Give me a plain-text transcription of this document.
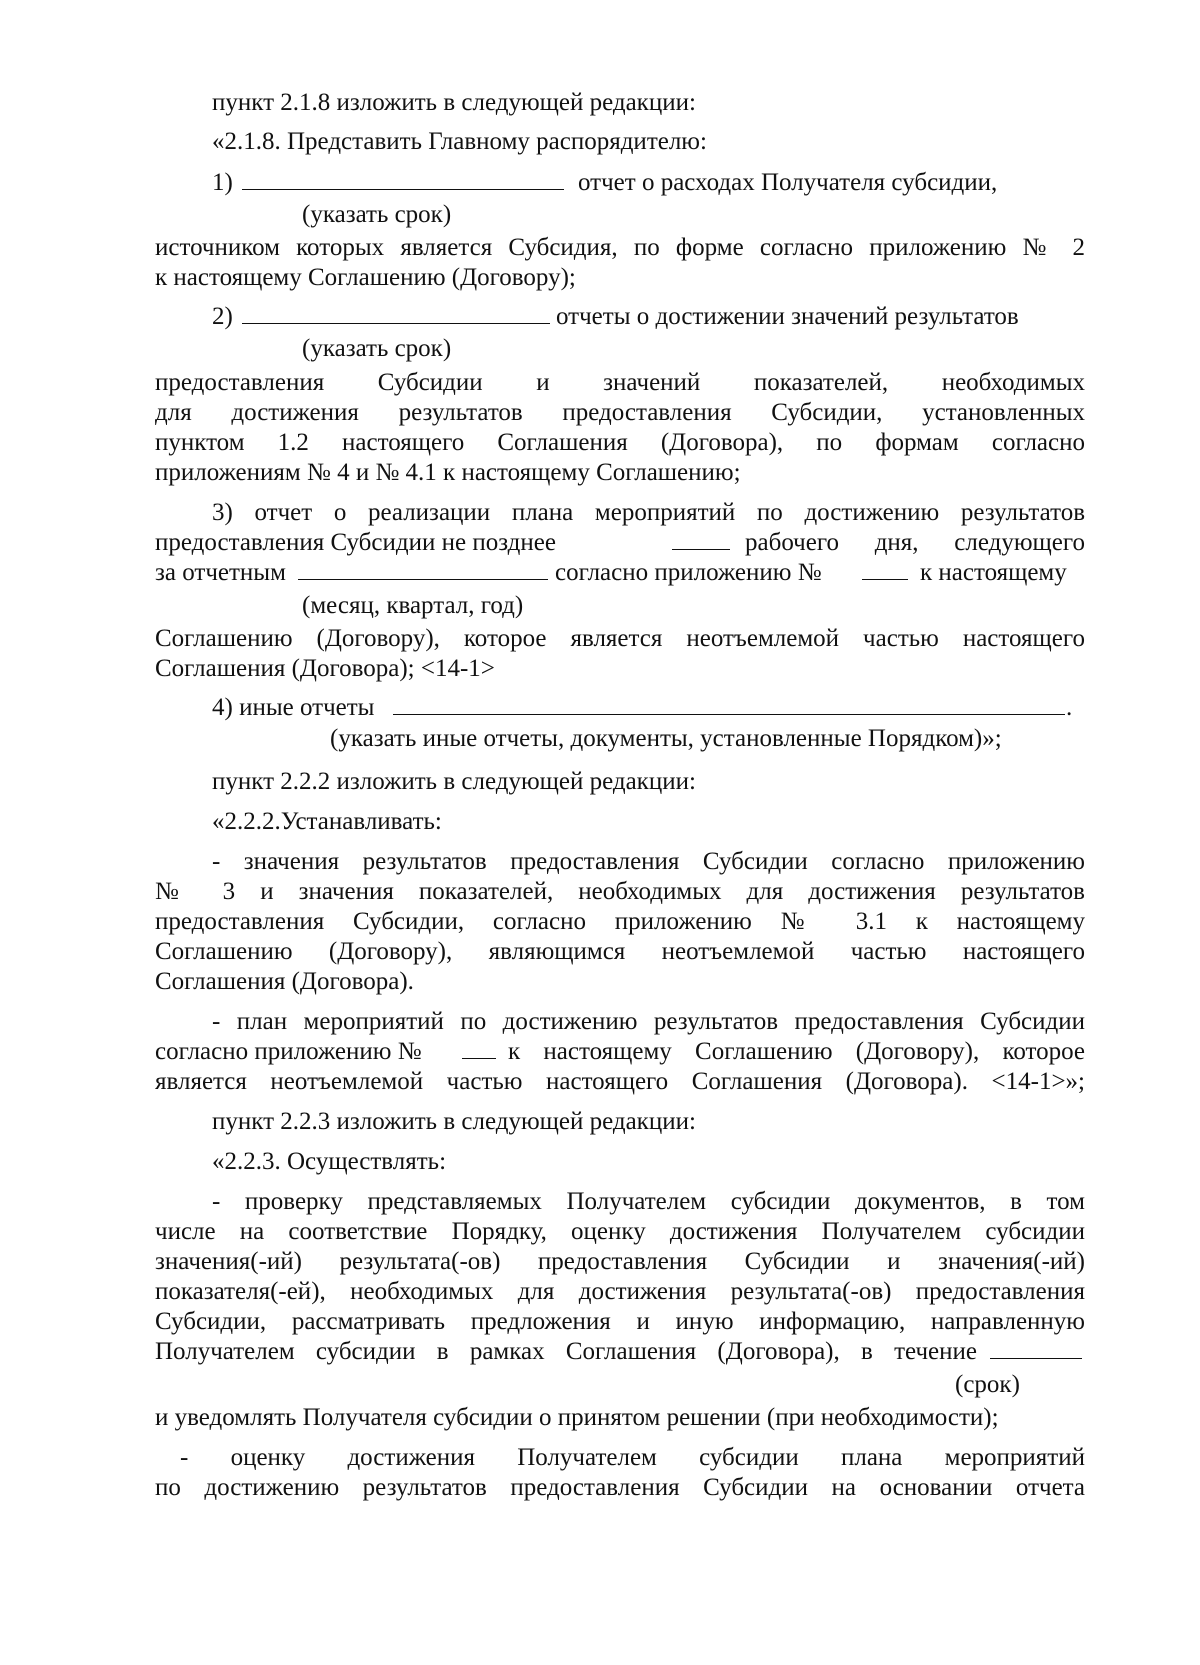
пункт 2.1.8 изложить в следующей редакции:
«2.1.8. Представить Главному распорядителю:
1)	отчет о расходах Получателя субсидии,
(указать срок)
источником которых является Субсидия, по форме согласно приложению № 2
к настоящему Соглашению (Договору);
2)	отчеты о достижении значений результатов
(указать срок)
предоставления Субсидии и значений показателей, необходимых
для достижения результатов предоставления Субсидии, установленных
пунктом 1.2 настоящего Соглашения (Договора), по формам согласно
приложениям № 4 и № 4.1 к настоящему Соглашению;
3) отчет о реализации плана мероприятий по достижению результатов
предоставления Субсидии не позднее	рабочего дня, следующего
за отчетным	согласно приложению №	к настоящему
(месяц, квартал, год)
Соглашению (Договору), которое является неотъемлемой частью настоящего
Соглашения (Договора); <14-1>
4) иные отчеты	.
(указать иные отчеты, документы, установленные Порядком)»;
пункт 2.2.2 изложить в следующей редакции:
«2.2.2.Устанавливать:
- значения результатов предоставления Субсидии согласно приложению
№ 3 и значения показателей, необходимых для достижения результатов
предоставления Субсидии, согласно приложению № 3.1 к настоящему
Соглашению (Договору), являющимся неотъемлемой частью настоящего
Соглашения (Договора).
- план мероприятий по достижению результатов предоставления Субсидии
согласно приложению №	к настоящему Соглашению (Договору), которое
является неотъемлемой частью настоящего Соглашения (Договора). <14-1>»;
пункт 2.2.3 изложить в следующей редакции:
«2.2.3. Осуществлять:
- проверку представляемых Получателем субсидии документов, в том
числе на соответствие Порядку, оценку достижения Получателем субсидии
значения(-ий) результата(-ов) предоставления Субсидии и значения(-ий)
показателя(-ей), необходимых для достижения результата(-ов) предоставления
Субсидии, рассматривать предложения и иную информацию, направленную
Получателем субсидии в рамках Соглашения (Договора), в течение
(срок)
и уведомлять Получателя субсидии о принятом решении (при необходимости);
- оценку достижения Получателем субсидии плана мероприятий
по достижению результатов предоставления Субсидии на основании отчета
